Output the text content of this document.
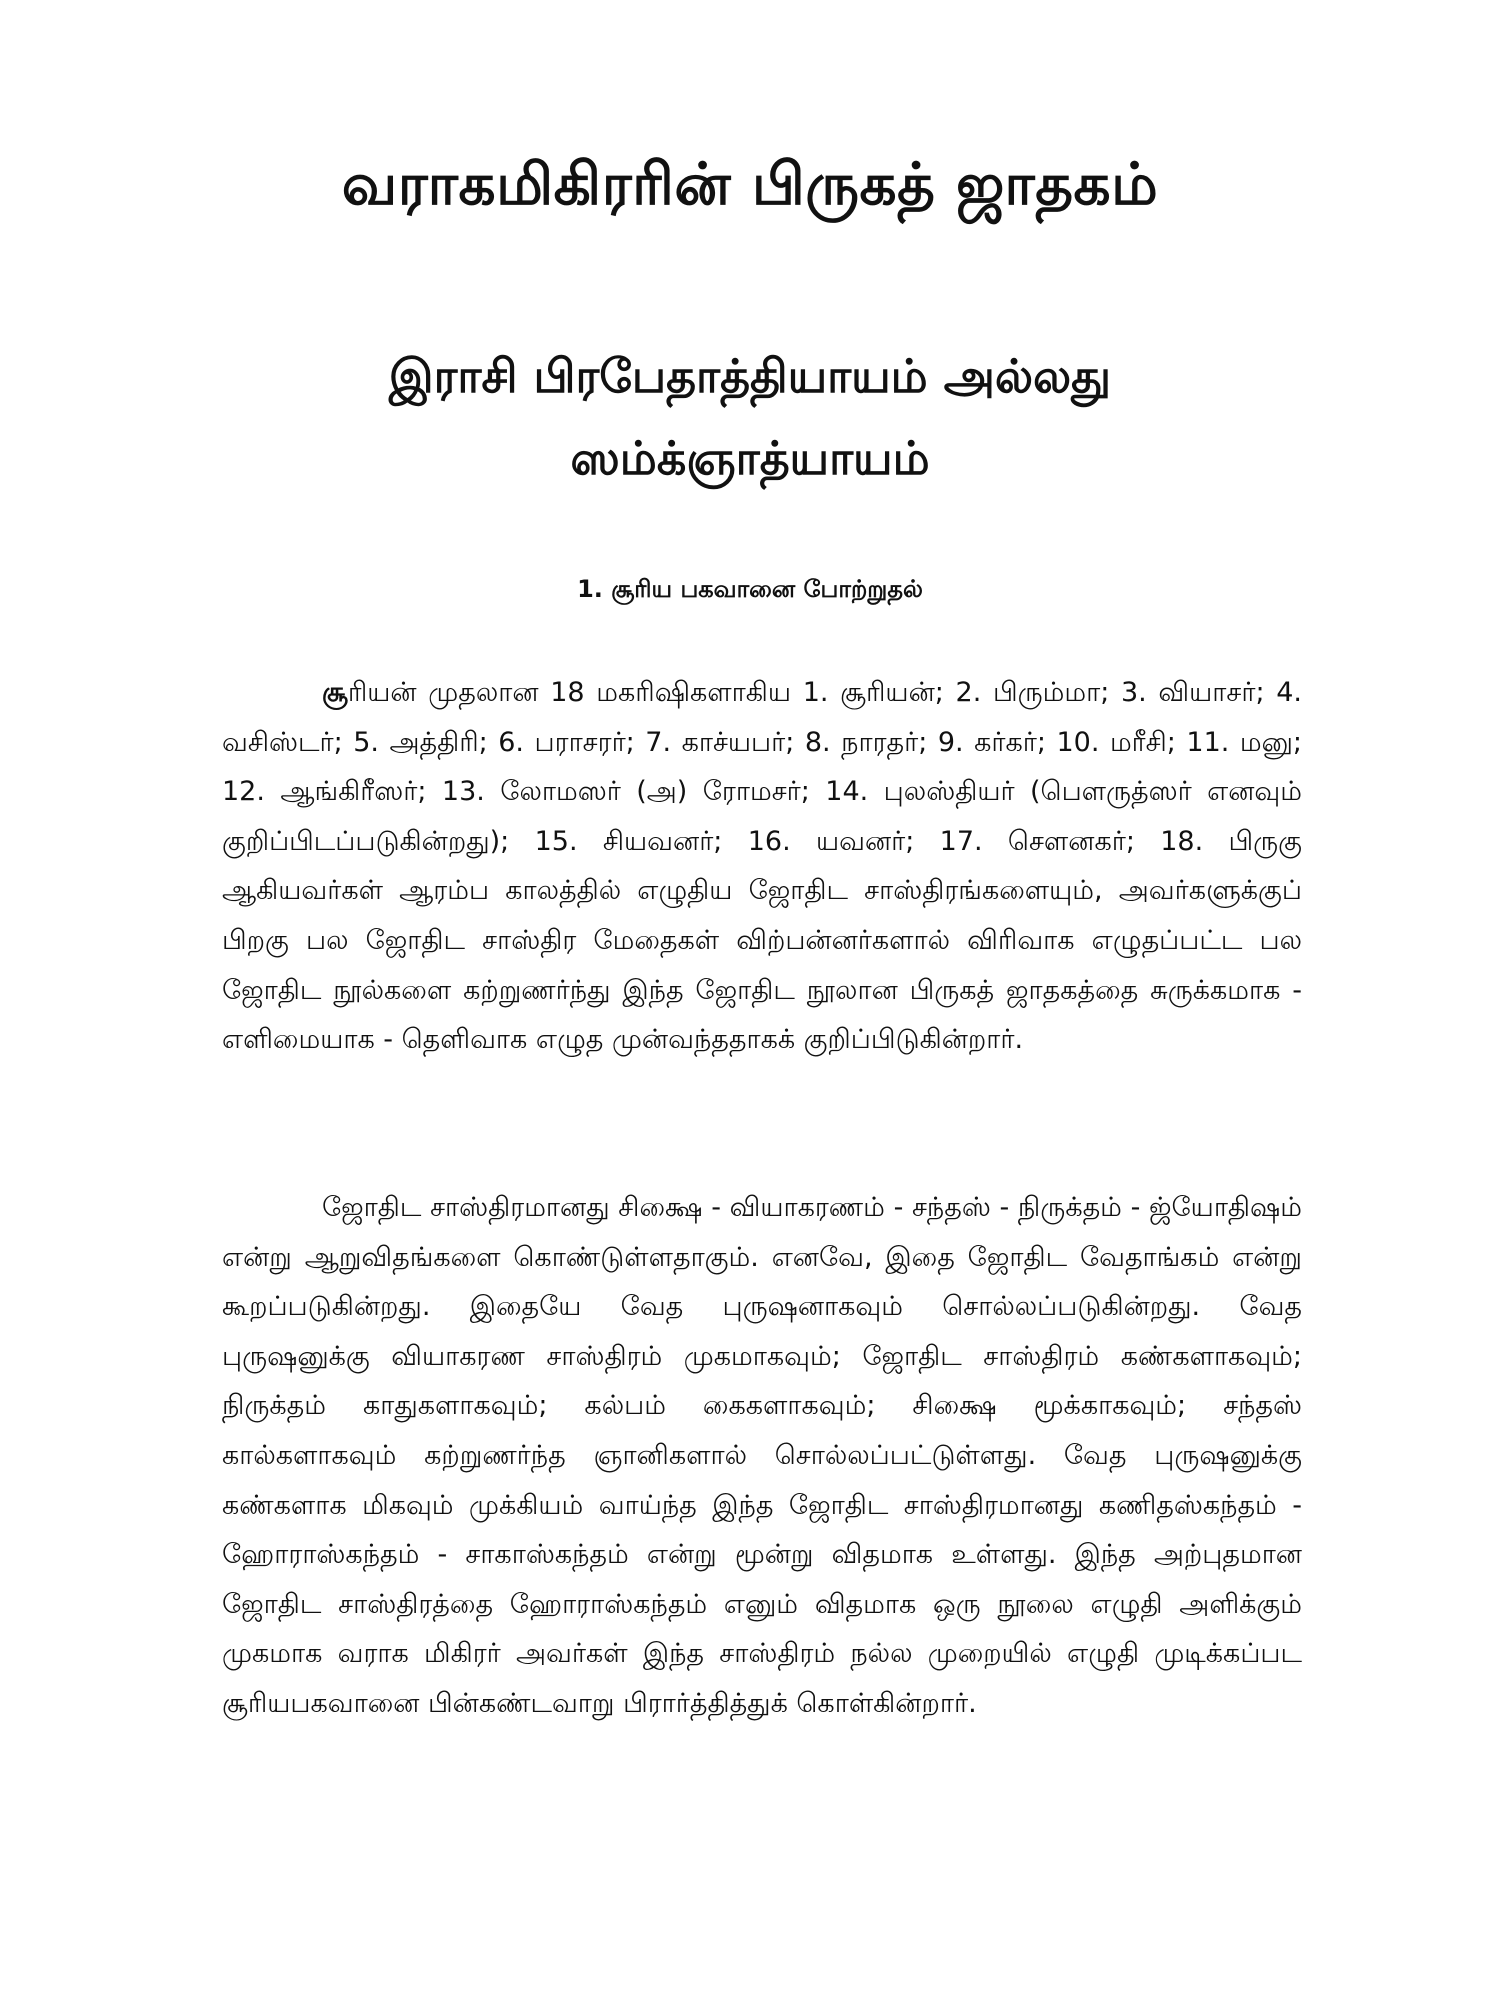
வராகமிகிரரின் பிருகத் ஜாதகம்
இராசி பிரபேதாத்தியாயம் அல்லது
ஸம்க்ஞாத்யாயம்
1. சூரிய பகவானை போற்றுதல்

சூரியன் முதலான 18 மகரிஷிகளாகிய 1. சூரியன்; 2. பிரும்மா; 3. வியாசர்; 4. வசிஸ்டர்; 5. அத்திரி; 6. பராசரர்; 7. காச்யபர்; 8. நாரதர்; 9. கர்கர்; 10. மரீசி; 11. மனு; 12. ஆங்கிரீஸர்; 13. லோமஸர் (அ) ரோமசர்; 14. புலஸ்தியர் (பௌருத்ஸர் எனவும் குறிப்பிடப்படுகின்றது); 15. சியவனர்; 16. யவனர்; 17. சௌனகர்; 18. பிருகு ஆகியவர்கள் ஆரம்ப காலத்தில் எழுதிய ஜோதிட சாஸ்திரங்களையும், அவர்களுக்குப் பிறகு பல ஜோதிட சாஸ்திர மேதைகள் விற்பன்னர்களால் விரிவாக எழுதப்பட்ட பல ஜோதிட நூல்களை கற்றுணர்ந்து இந்த ஜோதிட நூலான பிருகத் ஜாதகத்தை சுருக்கமாக - எளிமையாக - தெளிவாக எழுத முன்வந்ததாகக் குறிப்பிடுகின்றார்.

ஜோதிட சாஸ்திரமானது சிக்ஷை - வியாகரணம் - சந்தஸ் - நிருக்தம் - ஜ்யோதிஷம் என்று ஆறுவிதங்களை கொண்டுள்ளதாகும். எனவே, இதை ஜோதிட வேதாங்கம் என்று கூறப்படுகின்றது. இதையே வேத புருஷனாகவும் சொல்லப்படுகின்றது. வேத புருஷனுக்கு வியாகரண சாஸ்திரம் முகமாகவும்; ஜோதிட சாஸ்திரம் கண்களாகவும்; நிருக்தம் காதுகளாகவும்; கல்பம் கைகளாகவும்; சிக்ஷை மூக்காகவும்; சந்தஸ் கால்களாகவும் கற்றுணர்ந்த ஞானிகளால் சொல்லப்பட்டுள்ளது. வேத புருஷனுக்கு கண்களாக மிகவும் முக்கியம் வாய்ந்த இந்த ஜோதிட சாஸ்திரமானது கணிதஸ்கந்தம் - ஹோராஸ்கந்தம் - சாகாஸ்கந்தம் என்று மூன்று விதமாக உள்ளது. இந்த அற்புதமான ஜோதிட சாஸ்திரத்தை ஹோராஸ்கந்தம் எனும் விதமாக ஒரு நூலை எழுதி அளிக்கும் முகமாக வராக மிகிரர் அவர்கள் இந்த சாஸ்திரம் நல்ல முறையில் எழுதி முடிக்கப்பட சூரியபகவானை பின்கண்டவாறு பிரார்த்தித்துக் கொள்கின்றார்.
